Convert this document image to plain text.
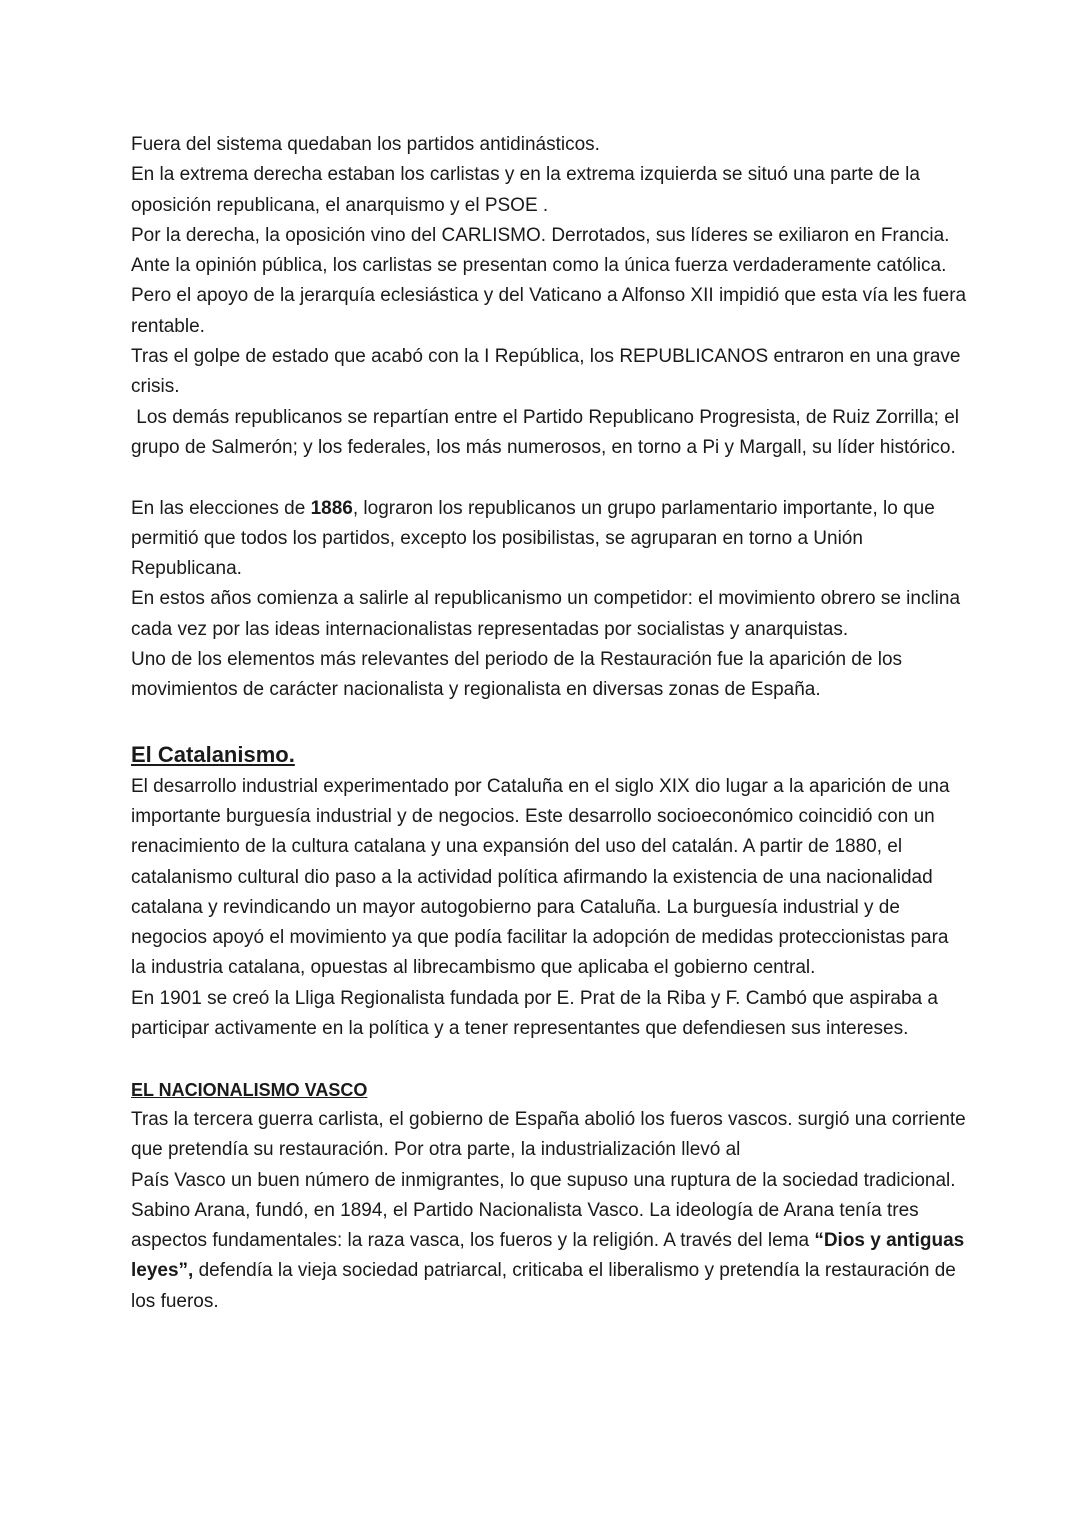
Fuera del sistema quedaban los partidos antidinásticos.

En la extrema derecha estaban los carlistas y en la extrema izquierda se situó una parte de la

oposición republicana, el anarquismo y el PSOE .

Por la derecha, la oposición vino del CARLISMO. Derrotados, sus líderes se exiliaron en Francia.

Ante la opinión pública, los carlistas se presentan como la única fuerza verdaderamente católica.

Pero el apoyo de la jerarquía eclesiástica y del Vaticano a Alfonso XII impidió que esta vía les fuera

rentable.

Tras el golpe de estado que acabó con la I República, los REPUBLICANOS entraron en una grave

crisis.

Los demás republicanos se repartían entre el Partido Republicano Progresista, de Ruiz Zorrilla; el

grupo de Salmerón; y los federales, los más numerosos, en torno a Pi y Margall, su líder histórico.

En las elecciones de 1886, lograron los republicanos un grupo parlamentario importante, lo que

permitió que todos los partidos, excepto los posibilistas, se agruparan en torno a Unión

Republicana.

En estos años comienza a salirle al republicanismo un competidor: el movimiento obrero se inclina

cada vez por las ideas internacionalistas representadas por socialistas y anarquistas.

Uno de los elementos más relevantes del periodo de la Restauración fue la aparición de los

movimientos de carácter nacionalista y regionalista en diversas zonas de España.

El Catalanismo.

El desarrollo industrial experimentado por Cataluña en el siglo XIX dio lugar a la aparición de una

importante burguesía industrial y de negocios. Este desarrollo socioeconómico coincidió con un

renacimiento de la cultura catalana y una expansión del uso del catalán. A partir de 1880, el

catalanismo cultural dio paso a la actividad política afirmando la existencia de una nacionalidad

catalana y revindicando un mayor autogobierno para Cataluña. La burguesía industrial y de

negocios apoyó el movimiento ya que podía facilitar la adopción de medidas proteccionistas para

la industria catalana, opuestas al librecambismo que aplicaba el gobierno central.

En 1901 se creó la Lliga Regionalista fundada por E. Prat de la Riba y F. Cambó que aspiraba a

participar activamente en la política y a tener representantes que defendiesen sus intereses.

EL NACIONALISMO VASCO

Tras la tercera guerra carlista, el gobierno de España abolió los fueros vascos. surgió una corriente

que pretendía su restauración. Por otra parte, la industrialización llevó al

País Vasco un buen número de inmigrantes, lo que supuso una ruptura de la sociedad tradicional.

Sabino Arana, fundó, en 1894, el Partido Nacionalista Vasco. La ideología de Arana tenía tres

aspectos fundamentales: la raza vasca, los fueros y la religión. A través del lema “Dios y antiguas

leyes”, defendía la vieja sociedad patriarcal, criticaba el liberalismo y pretendía la restauración de

los fueros.
